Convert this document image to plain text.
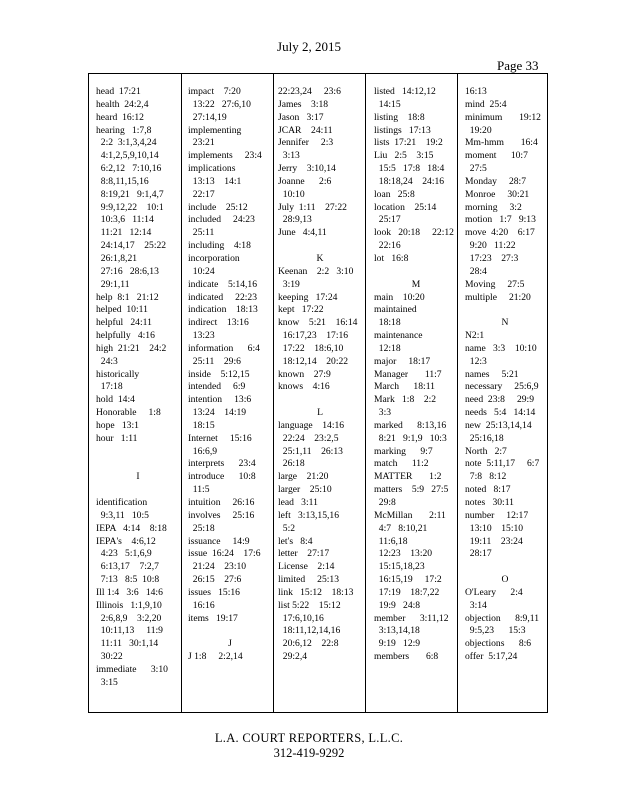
July 2, 2015
Page 33
head  17:21
health  24:2,4
heard  16:12
hearing   1:7,8
2:2  3:1,3,4,24
4:1,2,5,9,10,14
6:2,12   7:10,16
8:8,11,15,16
8:19,21   9:1,4,7
9:9,12,22    10:1
10:3,6   11:14
11:21   12:14
24:14,17    25:22
26:1,8,21
27:16   28:6,13
29:1,11
help  8:1   21:12
helped  10:11
helpful   24:11
helpfully   4:16
high  21:21    24:2
24:3
historically
17:18
hold  14:4
Honorable     1:8
hope   13:1
hour   1:11
I
identification
9:3,11   10:5
IEPA   4:14    8:18
IEPA's    4:6,12
4:23   5:1,6,9
6:13,17    7:2,7
7:13   8:5  10:8
Ill 1:4   3:6   14:6
Illinois   1:1,9,10
2:6,8,9    3:2,20
10:11,13     11:9
11:11   30:1,14
30:22
immediate      3:10
3:15
impact    7:20
13:22   27:6,10
27:14,19
implementing
23:21
implements     23:4
implications
13:13    14:1
22:17
include    25:12
included     24:23
25:11
including    4:18
incorporation
10:24
indicate    5:14,16
indicated     22:23
indication    18:13
indirect    13:16
13:23
information      6:4
25:11    29:6
inside    5:12,15
intended     6:9
intention     13:6
13:24    14:19
18:15
Internet     15:16
16:6,9
interprets      23:4
introduce      10:8
11:5
intuition     26:16
involves     25:16
25:18
issuance     14:9
issue  16:24    17:6
21:24    23:10
26:15    27:6
issues   15:16
16:16
items   19:17
J
J 1:8     2:2,14
22:23,24     23:6
James    3:18
Jason   3:17
JCAR    24:11
Jennifer     2:3
3:13
Jerry    3:10,14
Joanne      2:6
10:10
July  1:11    27:22
28:9,13
June   4:4,11
K
Keenan    2:2   3:10
3:19
keeping   17:24
kept   17:22
know    5:21    16:14
16:17,23    17:16
17:22    18:6,10
18:12,14    20:22
known    27:9
knows    4:16
L
language    14:16
22:24    23:2,5
25:1,11    26:13
26:18
large    21:20
larger    25:10
lead   3:11
left   3:13,15,16
5:2
let's   8:4
letter    27:17
License    2:14
limited     25:13
link   15:12    18:13
list 5:22    15:12
17:6,10,16
18:11,12,14,16
20:6,12    22:8
29:2,4
listed   14:12,12
14:15
listing    18:8
listings   17:13
lists  17:21    19:2
Liu   2:5    3:15
15:5   17:8   18:4
18:18,24    24:16
loan   25:8
location    25:14
25:17
look   20:18     22:12
22:16
lot   16:8
M
main    10:20
maintained
18:18
maintenance
12:18
major     18:17
Manager       11:7
March      18:11
Mark   1:8    2:2
3:3
marked      8:13,16
8:21   9:1,9   10:3
marking      9:7
match      11:2
MATTER       1:2
matters    5:9   27:5
29:8
McMillan       2:11
4:7   8:10,21
11:6,18
12:23    13:20
15:15,18,23
16:15,19     17:2
17:19    18:7,22
19:9   24:8
member      3:11,12
3:13,14,18
9:19   12:9
members       6:8
16:13
mind  25:4
minimum       19:12
19:20
Mm-hmm       16:4
moment      10:7
27:5
Monday     28:7
Monroe     30:21
morning     3:2
motion   1:7   9:13
move  4:20    6:17
9:20   11:22
17:23    27:3
28:4
Moving     27:5
multiple     21:20
N
N2:1
name   3:3    10:10
12:3
names     5:21
necessary     25:6,9
need  23:8     29:9
needs   5:4   14:14
new  25:13,14,14
25:16,18
North   2:7
note  5:11,17     6:7
7:8   8:12
noted   8:17
notes   30:11
number     12:17
13:10    15:10
19:11    23:24
28:17
O
O'Leary      2:4
3:14
objection      8:9,11
9:5,23      15:3
objections      8:6
offer  5:17,24
L.A. COURT REPORTERS, L.L.C.
312-419-9292
